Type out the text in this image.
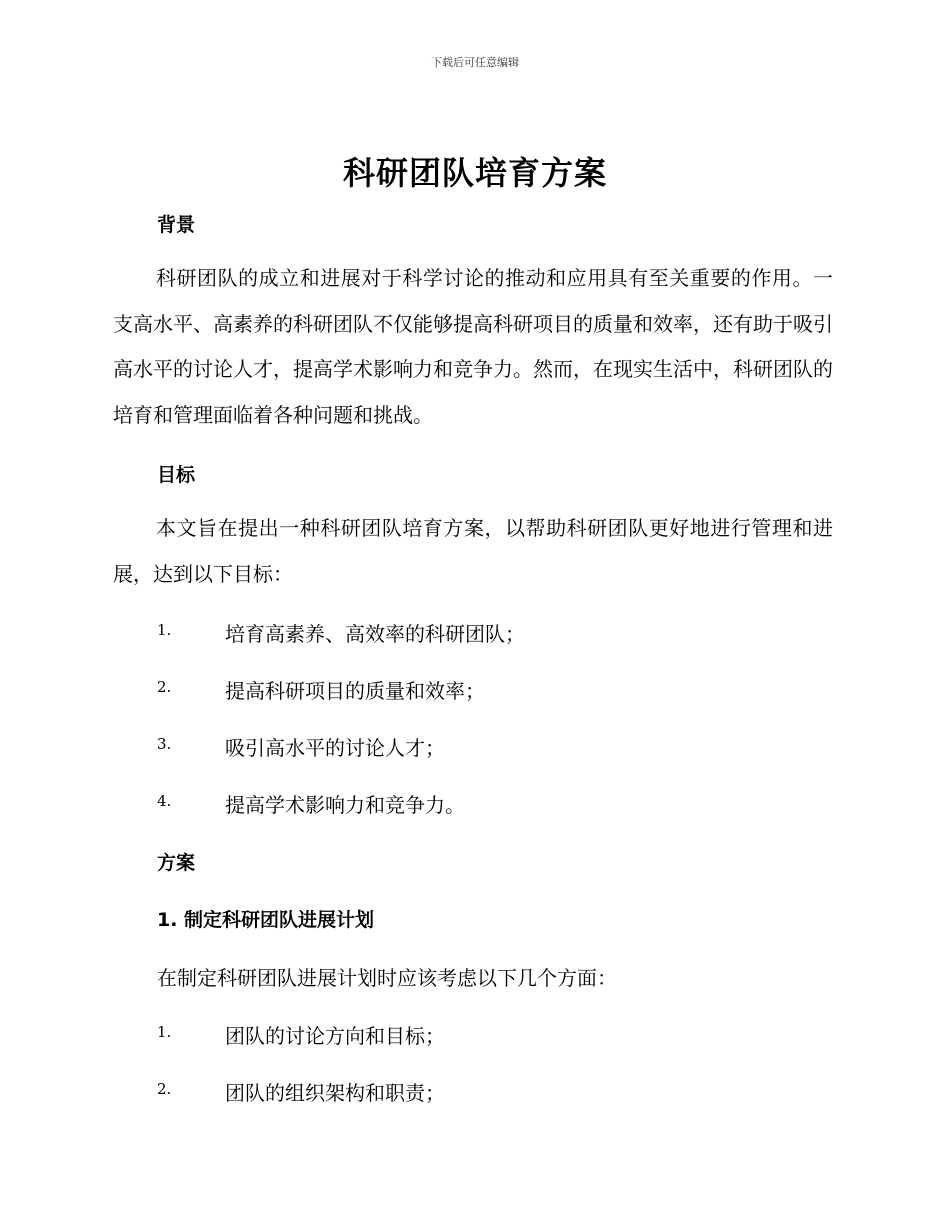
下载后可任意编辑
科研团队培育方案
背景

科研团队的成立和进展对于科学讨论的推动和应用具有至关重要的作用。一支高水平、高素养的科研团队不仅能够提高科研项目的质量和效率，还有助于吸引高水平的讨论人才，提高学术影响力和竞争力。然而，在现实生活中，科研团队的培育和管理面临着各种问题和挑战。

目标

本文旨在提出一种科研团队培育方案，以帮助科研团队更好地进行管理和进展，达到以下目标：

1.	培育高素养、高效率的科研团队；
2.	提高科研项目的质量和效率；
3.	吸引高水平的讨论人才；
4.	提高学术影响力和竞争力。
方案
1. 制定科研团队进展计划

在制定科研团队进展计划时应该考虑以下几个方面：

1.	团队的讨论方向和目标；
2.	团队的组织架构和职责；
